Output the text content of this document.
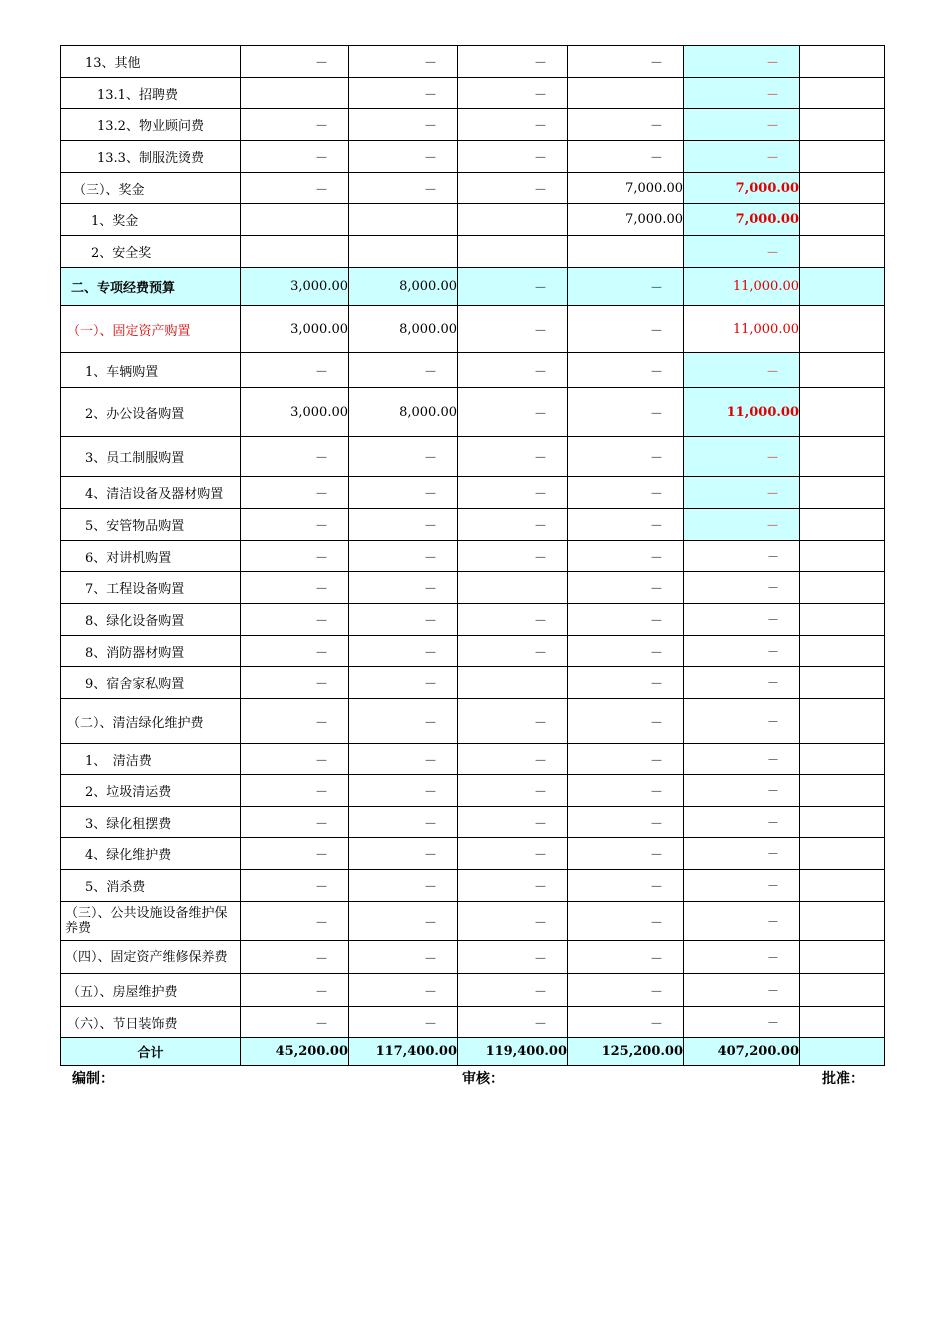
13、其他	－	－	－	－	－	
13.1、招聘费		－	－		－	
13.2、物业顾问费	－	－	－	－	－	
13.3、制服洗烫费	－	－	－	－	－	
（三）、奖金	－	－	－	7,000.00	7,000.00	
1、奖金				7,000.00	7,000.00	
2、安全奖					－	
二、专项经费预算	3,000.00	8,000.00	－	－	11,000.00	
（一）、固定资产购置	3,000.00	8,000.00	－	－	11,000.00	
1、车辆购置	－	－	－	－	－	
2、办公设备购置	3,000.00	8,000.00	－	－	11,000.00	
3、员工制服购置	－	－	－	－	－	
4、清洁设备及器材购置	－	－	－	－	－	
5、安管物品购置	－	－	－	－	－	
6、对讲机购置	－	－	－	－	－	
7、工程设备购置	－	－		－	－	
8、绿化设备购置	－	－	－	－	－	
8、消防器材购置	－	－	－	－	－	
9、宿舍家私购置	－	－		－	－	
（二）、清洁绿化维护费	－	－	－	－	－	
1、　清洁费	－	－	－	－	－	
2、垃圾清运费	－	－	－	－	－	
3、绿化租摆费	－	－	－	－	－	
4、绿化维护费	－	－	－	－	－	
5、消杀费	－	－	－	－	－	
（三）、公共设施设备维护保养费	－	－	－	－	－	
（四）、固定资产维修保养费	－	－	－	－	－	
（五）、房屋维护费	－	－	－	－	－	
（六）、节日装饰费	－	－	－	－	－	
合计	45,200.00	117,400.00	119,400.00	125,200.00	407,200.00	
编制：	审核：	批准：
